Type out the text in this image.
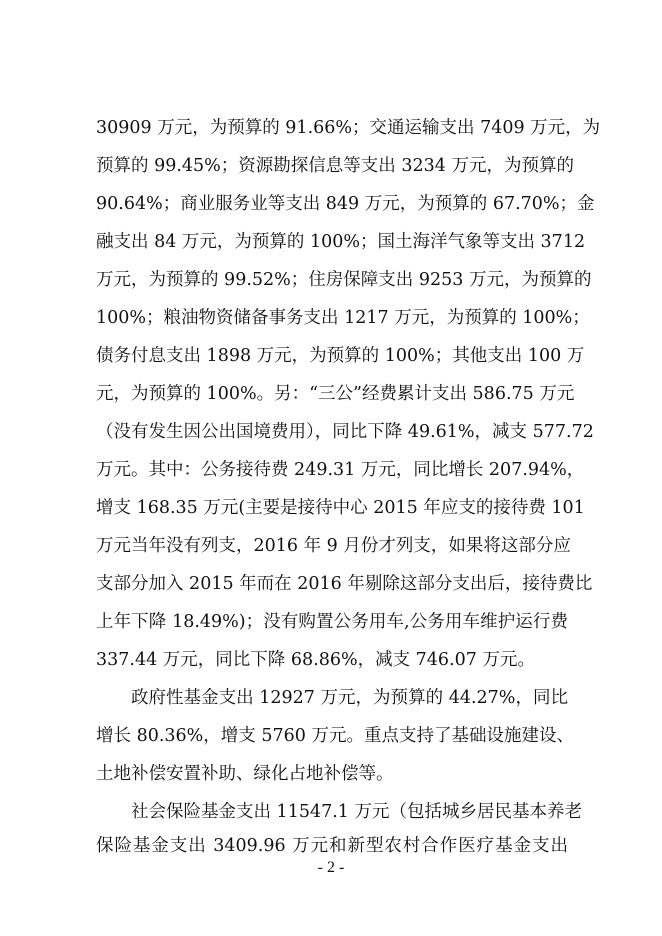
30909 万元，为预算的 91.66%；交通运输支出 7409 万元，为
预算的 99.45%；资源勘探信息等支出 3234 万元，为预算的
90.64%；商业服务业等支出 849 万元，为预算的 67.70%；金
融支出 84 万元，为预算的 100%；国土海洋气象等支出 3712
万元，为预算的 99.52%；住房保障支出 9253 万元，为预算的
100%；粮油物资储备事务支出 1217 万元，为预算的 100%；
债务付息支出 1898 万元，为预算的 100%；其他支出 100 万
元，为预算的 100%。另：“三公”经费累计支出 586.75 万元
（没有发生因公出国境费用），同比下降 49.61%，减支 577.72
万元。其中：公务接待费 249.31 万元，同比增长 207.94%，
增支 168.35 万元(主要是接待中心 2015 年应支的接待费 101
万元当年没有列支，2016 年 9 月份才列支，如果将这部分应
支部分加入 2015 年而在 2016 年剔除这部分支出后，接待费比
上年下降 18.49%)；没有购置公务用车,公务用车维护运行费
337.44 万元，同比下降 68.86%，减支 746.07 万元。
政府性基金支出 12927 万元，为预算的 44.27%，同比
增长 80.36%，增支 5760 万元。重点支持了基础设施建设、
土地补偿安置补助、绿化占地补偿等。
社会保险基金支出 11547.1 万元（包括城乡居民基本养老
保险基金支出 3409.96 万元和新型农村合作医疗基金支出
- 2 -
